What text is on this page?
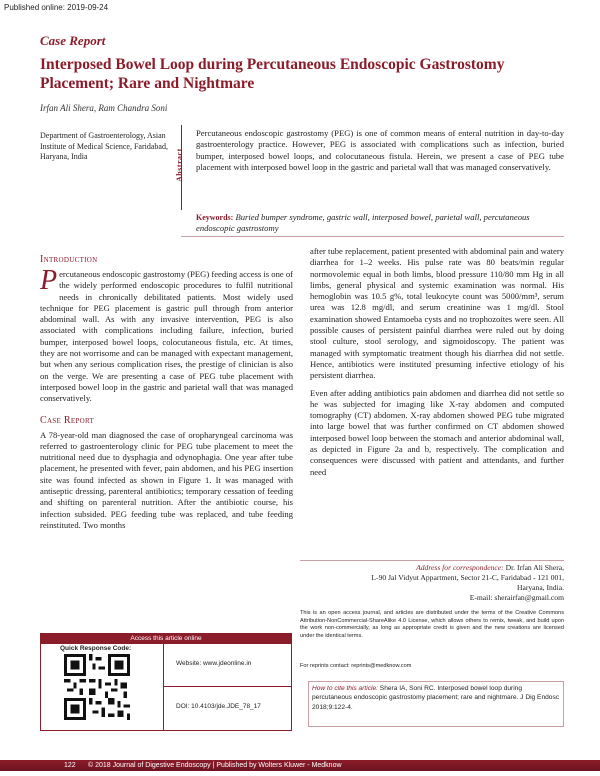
Published online: 2019-09-24
Case Report
Interposed Bowel Loop during Percutaneous Endoscopic Gastrostomy Placement; Rare and Nightmare
Irfan Ali Shera, Ram Chandra Soni
Department of Gastroenterology, Asian Institute of Medical Science, Faridabad, Haryana, India	Abstract
Percutaneous endoscopic gastrostomy (PEG) is one of common means of enteral nutrition in day-to-day gastroenterology practice. However, PEG is associated with complications such as infection, buried bumper, interposed bowel loops, and colocutaneous fistula. Herein, we present a case of PEG tube placement with interposed bowel loop in the gastric and parietal wall that was managed conservatively.
Keywords: Buried bumper syndrome, gastric wall, interposed bowel, parietal wall, percutaneous endoscopic gastrostomy
Introduction
Percutaneous endoscopic gastrostomy (PEG) feeding access is one of the widely performed endoscopic procedures to fulfil nutritional needs in chronically debilitated patients. Most widely used technique for PEG placement is gastric pull through from anterior abdominal wall. As with any invasive intervention, PEG is also associated with complications including failure, infection, buried bumper, interposed bowel loops, colocutaneous fistula, etc. At times, they are not worrisome and can be managed with expectant management, but when any serious complication rises, the prestige of clinician is also on the verge. We are presenting a case of PEG tube placement with interposed bowel loop in the gastric and parietal wall that was managed conservatively.
Case Report
A 78-year-old man diagnosed the case of oropharyngeal carcinoma was referred to gastroenterology clinic for PEG tube placement to meet the nutritional need due to dysphagia and odynophagia. One year after tube placement, he presented with fever, pain abdomen, and his PEG insertion site was found infected as shown in Figure 1. It was managed with antiseptic dressing, parenteral antibiotics; temporary cessation of feeding and shifting on parenteral nutrition. After the antibiotic course, his infection subsided. PEG feeding tube was replaced, and tube feeding reinstituted. Two months
after tube replacement, patient presented with abdominal pain and watery diarrhea for 1–2 weeks. His pulse rate was 80 beats/min regular normovolemic equal in both limbs, blood pressure 110/80 mm Hg in all limbs, general physical and systemic examination was normal. His hemoglobin was 10.5 g%, total leukocyte count was 5000/mm³, serum urea was 12.8 mg/dl, and serum creatinine was 1 mg/dl. Stool examination showed Entamoeba cysts and no trophozoites were seen. All possible causes of persistent painful diarrhea were ruled out by doing stool culture, stool serology, and sigmoidoscopy. The patient was managed with symptomatic treatment though his diarrhea did not settle. Hence, antibiotics were instituted presuming infective etiology of his persistent diarrhea.
Even after adding antibiotics pain abdomen and diarrhea did not settle so he was subjected for imaging like X-ray abdomen and computed tomography (CT) abdomen. X-ray abdomen showed PEG tube migrated into large bowel that was further confirmed on CT abdomen showed interposed bowel loop between the stomach and anterior abdominal wall, as depicted in Figure 2a and b, respectively. The complication and consequences were discussed with patient and attendants, and further need
Address for correspondence: Dr. Irfan Ali Shera,
L-90 Jal Vidyut Appartment, Sector 21-C, Faridabad - 121 001,
Haryana, India.
E-mail: sherairfan@gmail.com
This is an open access journal, and articles are distributed under the terms of the Creative Commons Attribution-NonCommercial-ShareAlike 4.0 License, which allows others to remix, tweak, and build upon the work non-commercially, as long as appropriate credit is given and the new creations are licensed under the identical terms.
For reprints contact: reprints@medknow.com
How to cite this article: Shera IA, Soni RC. Interposed bowel loop during percutaneous endoscopic gastrostomy placement; rare and nightmare. J Dig Endosc 2018;9:122-4.
Access this article online
Quick Response Code:
Website: www.jdeonline.in
DOI: 10.4103/jde.JDE_78_17
122 © 2018 Journal of Digestive Endoscopy | Published by Wolters Kluwer - Medknow
